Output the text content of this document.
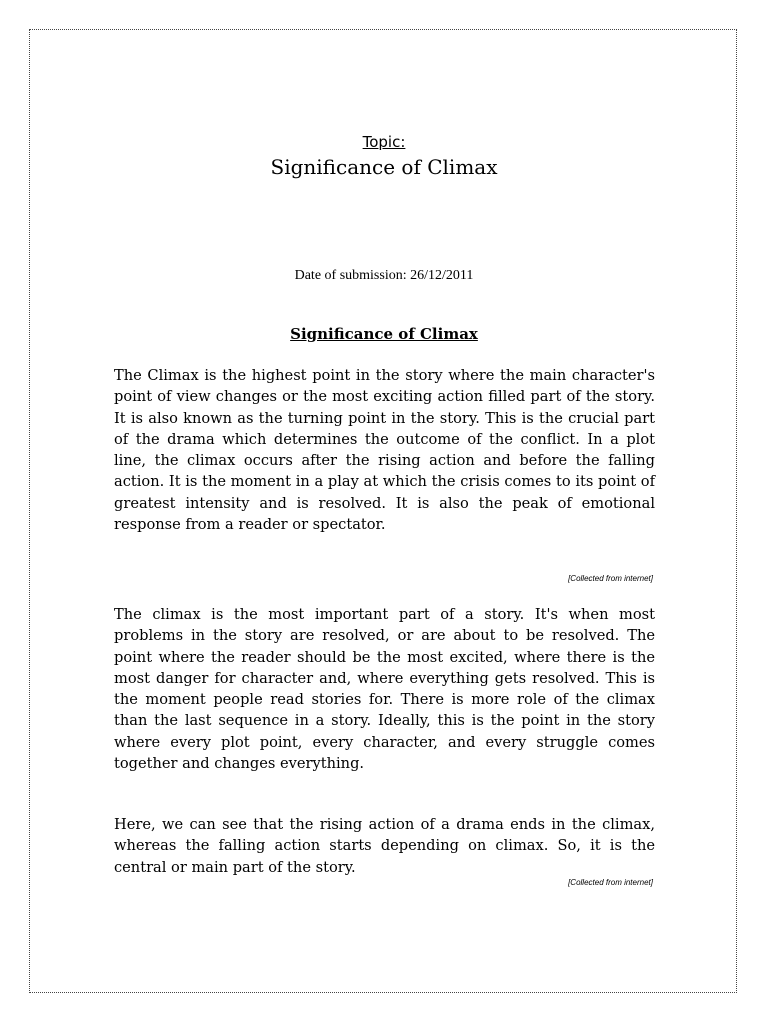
Topic:
Significance of Climax
Date of submission: 26/12/2011
Significance of Climax

The Climax is the highest point in the story where the main character's point of view changes or the most exciting action filled part of the story. It is also known as the turning point in the story. This is the crucial part of the drama which determines the outcome of the conflict. In a plot line, the climax occurs after the rising action and before the falling action. It is the moment in a play at which the crisis comes to its point of greatest intensity and is resolved. It is also the peak of emotional response from a reader or spectator.

[Collected from internet]

The climax is the most important part of a story. It's when most problems in the story are resolved, or are about to be resolved. The point where the reader should be the most excited, where there is the most danger for character and, where everything gets resolved. This is the moment people read stories for. There is more role of the climax than the last sequence in a story. Ideally, this is the point in the story where every plot point, every character, and every struggle comes together and changes everything.

Here, we can see that the rising action of a drama ends in the climax, whereas the falling action starts depending on climax. So, it is the central or main part of the story.

[Collected from internet]
